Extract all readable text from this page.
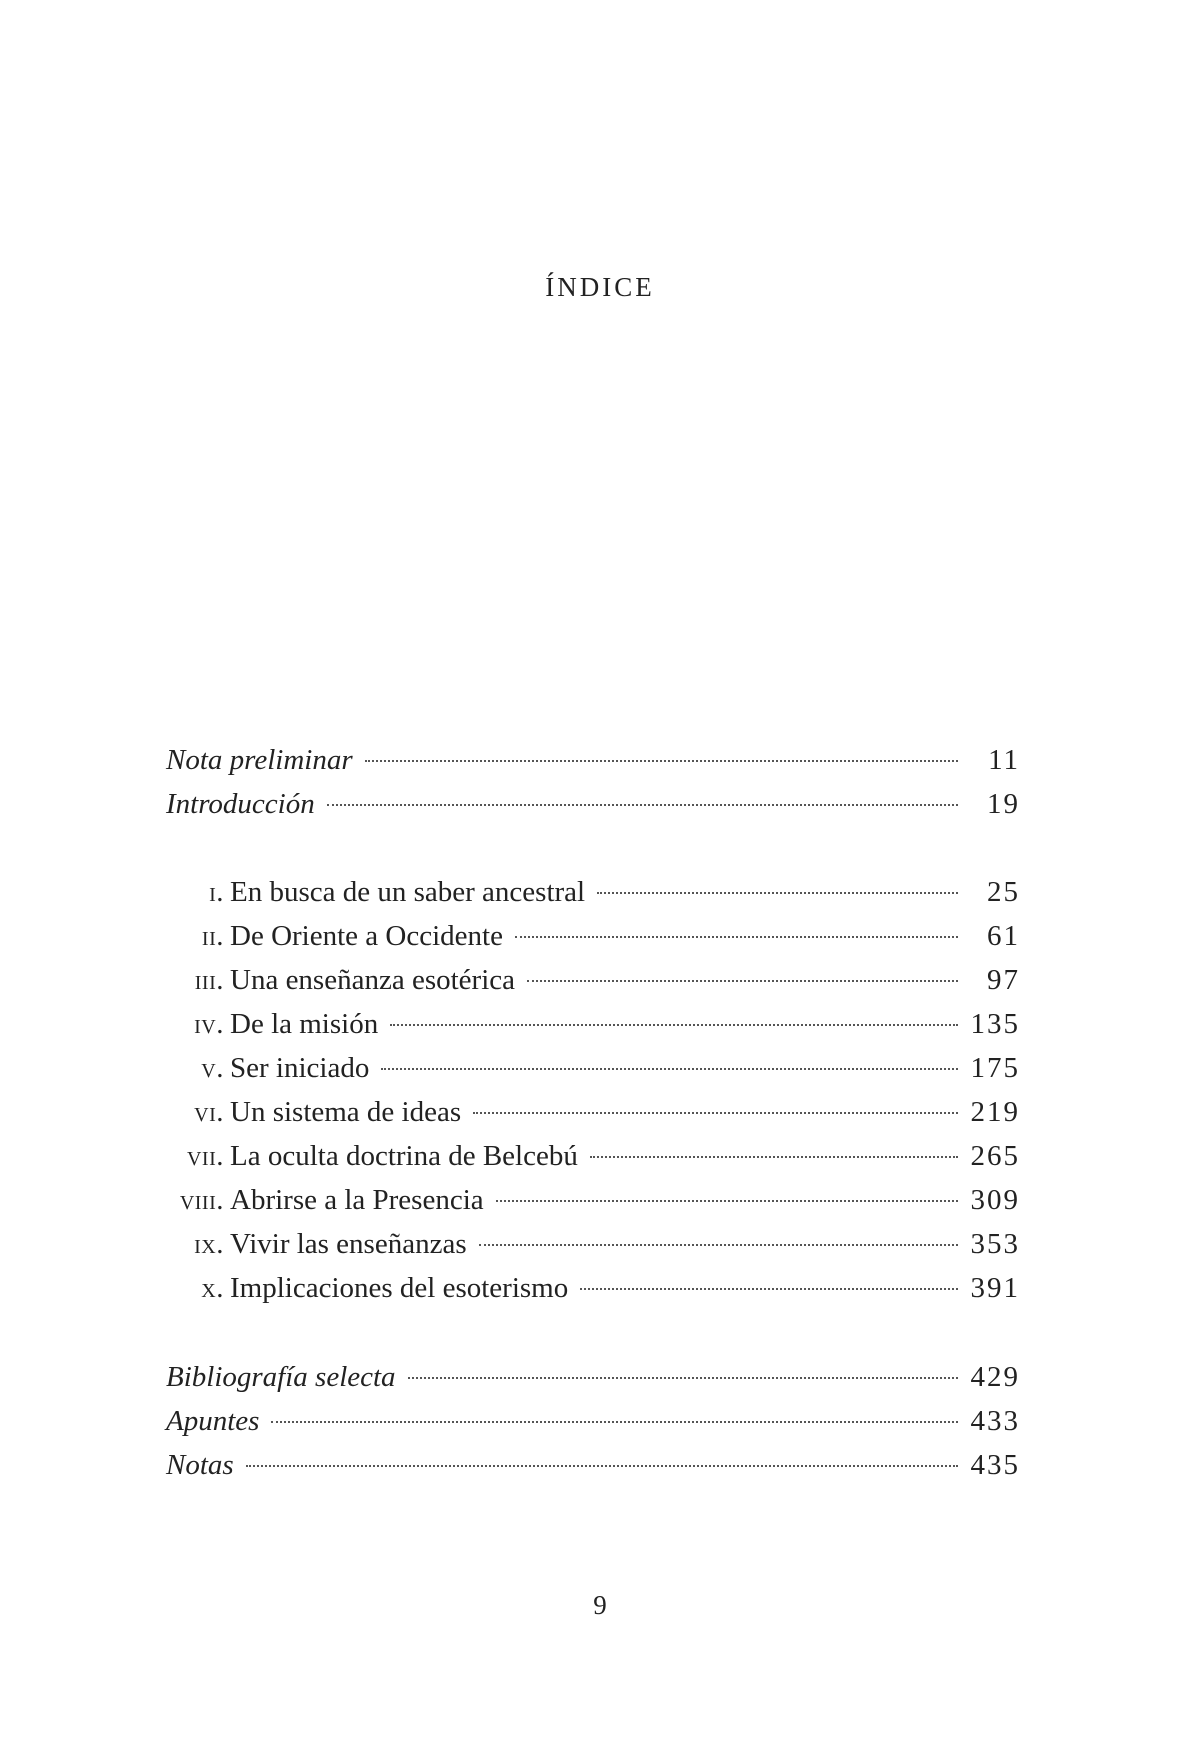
índice
Nota preliminar	11
Introducción	19
i. En busca de un saber ancestral	25
ii. De Oriente a Occidente	61
iii. Una enseñanza esotérica	97
iv. De la misión	135
v. Ser iniciado	175
vi. Un sistema de ideas	219
vii. La oculta doctrina de Belcebú	265
viii. Abrirse a la Presencia	309
ix. Vivir las enseñanzas	353
x. Implicaciones del esoterismo	391
Bibliografía selecta	429
Apuntes	433
Notas	435
9
